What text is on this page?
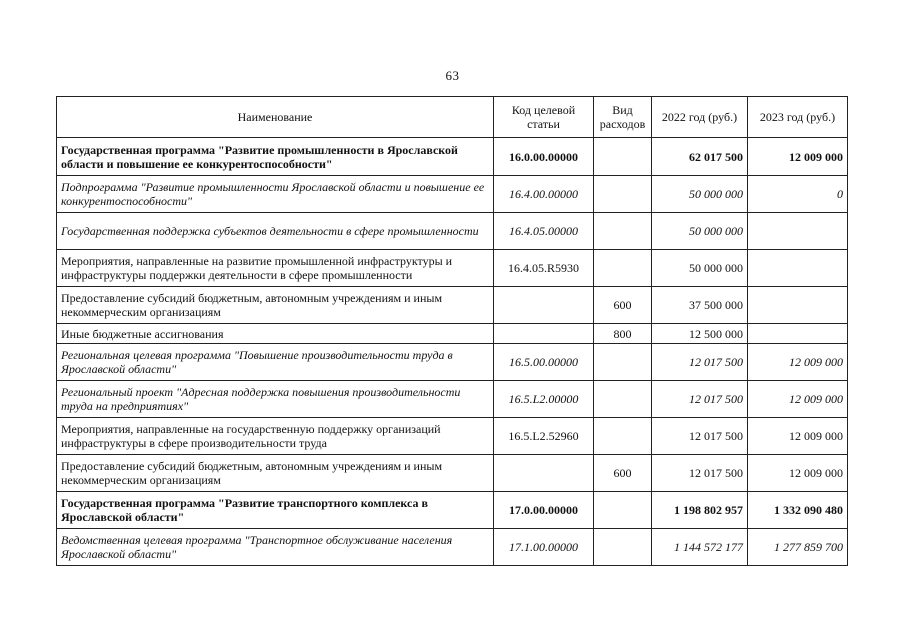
63
Наименование	Код целевой статьи	Вид расходов	2022 год (руб.)	2023 год (руб.)
Государственная программа "Развитие промышленности в Ярославской области и повышение ее конкурентоспособности"	16.0.00.00000		62 017 500	12 009 000
Подпрограмма "Развитие промышленности Ярославской области и повышение ее конкурентоспособности"	16.4.00.00000		50 000 000	0
Государственная поддержка субъектов деятельности в сфере промышленности	16.4.05.00000		50 000 000	
Мероприятия, направленные на развитие промышленной инфраструктуры и инфраструктуры поддержки деятельности в сфере промышленности	16.4.05.R5930		50 000 000	
Предоставление субсидий бюджетным, автономным учреждениям и иным некоммерческим организациям		600	37 500 000	
Иные бюджетные ассигнования		800	12 500 000	
Региональная целевая программа "Повышение производительности труда в Ярославской области"	16.5.00.00000		12 017 500	12 009 000
Региональный проект "Адресная поддержка повышения производительности труда на предприятиях"	16.5.L2.00000		12 017 500	12 009 000
Мероприятия, направленные на государственную поддержку организаций инфраструктуры в сфере производительности труда	16.5.L2.52960		12 017 500	12 009 000
Предоставление субсидий бюджетным, автономным учреждениям и иным некоммерческим организациям		600	12 017 500	12 009 000
Государственная программа "Развитие транспортного комплекса в Ярославской области"	17.0.00.00000		1 198 802 957	1 332 090 480
Ведомственная целевая программа "Транспортное обслуживание населения Ярославской области"	17.1.00.00000		1 144 572 177	1 277 859 700
